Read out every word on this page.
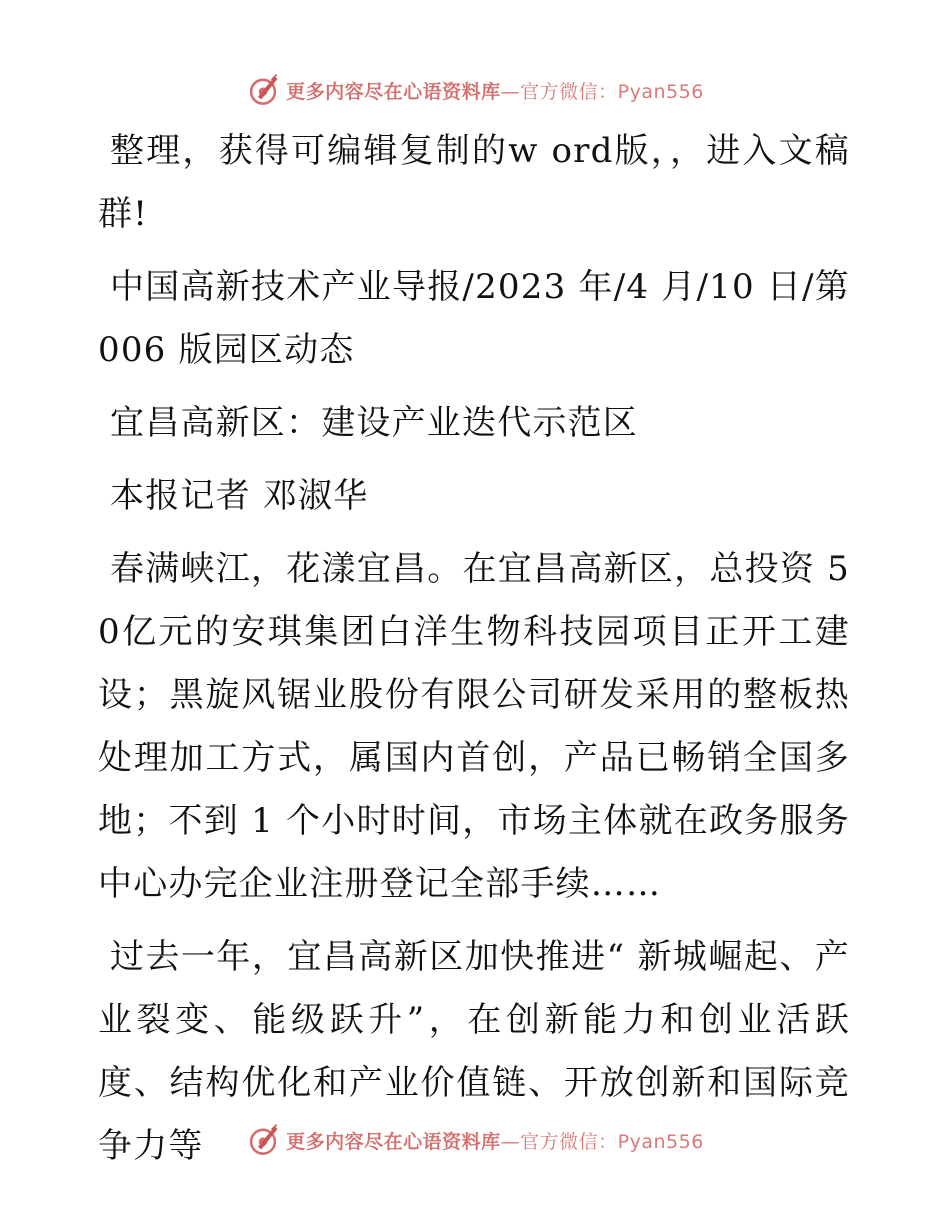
更多内容尽在心语资料库—官方微信：Pyan556

整理，获得可编辑复制的w ord版，，进入文稿群!

中国高新技术产业导报/2023 年/4 月/10 日/第006 版园区动态

宜昌高新区：建设产业迭代示范区

本报记者 邓淑华

春满峡江，花漾宜昌。在宜昌高新区，总投资 50亿元的安琪集团白洋生物科技园项目正开工建设；黑旋风锯业股份有限公司研发采用的整板热处理加工方式，属国内首创，产品已畅销全国多地；不到 1 个小时时间，市场主体就在政务服务中心办完企业注册登记全部手续……

过去一年，宜昌高新区加快推进“ 新城崛起、产业裂变、能级跃升”，在创新能力和创业活跃度、结构优化和产业价值链、开放创新和国际竞争力等	更多内容尽在心语资料库—官方微信：Pyan556
